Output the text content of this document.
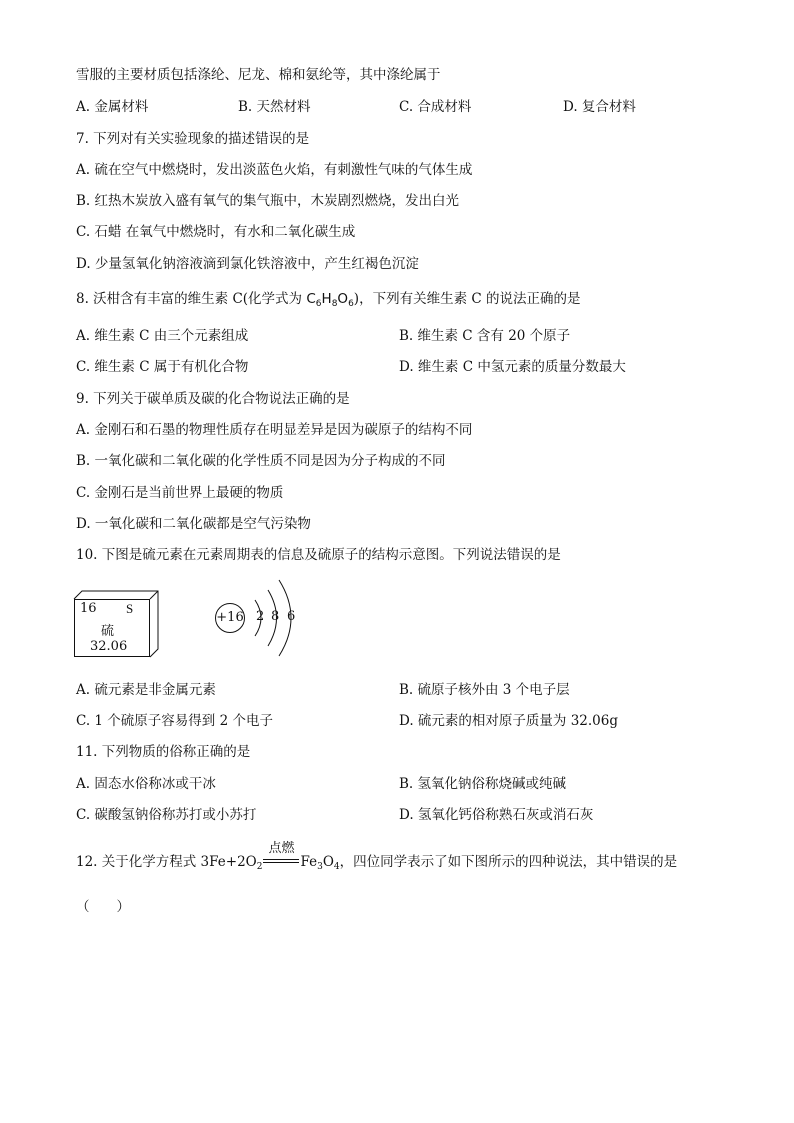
雪服的主要材质包括涤纶、尼龙、棉和氨纶等，其中涤纶属于
A. 金属材料	B. 天然材料	C. 合成材料	D. 复合材料
7. 下列对有关实验现象的描述错误的是
A. 硫在空气中燃烧时，发出淡蓝色火焰，有刺激性气味的气体生成
B. 红热木炭放入盛有氧气的集气瓶中，木炭剧烈燃烧，发出白光
C. 石蜡 在氧气中燃烧时，有水和二氧化碳生成
D. 少量氢氧化钠溶液滴到氯化铁溶液中，产生红褐色沉淀
8. 沃柑含有丰富的维生素 C(化学式为 $C_6H_8O_6$)，下列有关维生素 C 的说法正确的是
A. 维生素 C 由三个元素组成	B. 维生素 C 含有 20 个原子
C. 维生素 C 属于有机化合物	D. 维生素 C 中氢元素的质量分数最大
9. 下列关于碳单质及碳的化合物说法正确的是
A. 金刚石和石墨的物理性质存在明显差异是因为碳原子的结构不同
B. 一氧化碳和二氧化碳的化学性质不同是因为分子构成的不同
C. 金刚石是当前世界上最硬的物质
D. 一氧化碳和二氧化碳都是空气污染物
10. 下图是硫元素在元素周期表的信息及硫原子的结构示意图。下列说法错误的是
16 S
硫
32.06
+16 2 8 6
A. 硫元素是非金属元素	B. 硫原子核外由 3 个电子层
C. 1 个硫原子容易得到 2 个电子	D. 硫元素的相对原子质量为 32.06g
11. 下列物质的俗称正确的是
A. 固态水俗称冰或干冰	B. 氢氧化钠俗称烧碱或纯碱
C. 碳酸氢钠俗称苏打或小苏打	D. 氢氧化钙俗称熟石灰或消石灰
12. 关于化学方程式 $3Fe+2O_2$
点燃
$Fe_3O_4$，四位同学表示了如下图所示的四种说法，其中错误的是
（　　）
